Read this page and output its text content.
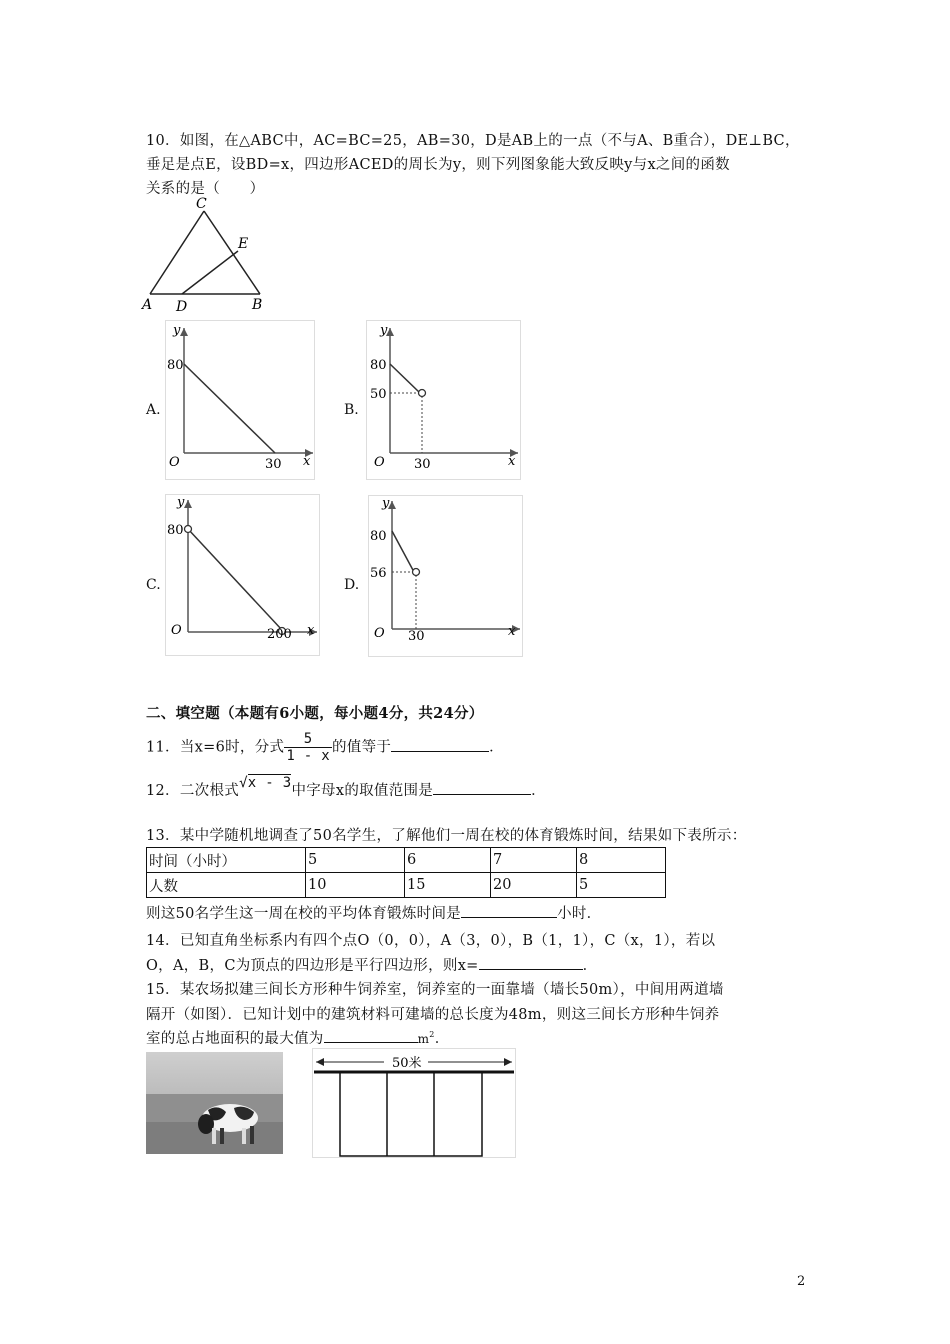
10．如图，在△ABC中，AC=BC=25，AB=30，D是AB上的一点（不与A、B重合），DE⊥BC，
垂足是点E，设BD=x，四边形ACED的周长为y，则下列图象能大致反映y与x之间的函数
关系的是（　　）
C
E
A D	B
A.
y
80
O	30 x
B.
y
80
50
O 30	x
C.
y
80
O	200 x
D.
y
80
56
O 30	x
二、填空题（本题有6小题，每小题4分，共24分）
11．当x=6时，分式 $\frac{5}{1 - x}$ 的值等于	．
12．二次根式√x - 3中字母x的取值范围是	．
13．某中学随机地调查了50名学生，了解他们一周在校的体育锻炼时间，结果如下表所示：
时间（小时）	5	6	7	8
人数	10	15	20	5
则这50名学生这一周在校的平均体育锻炼时间是	小时．
14．已知直角坐标系内有四个点O（0，0），A（3，0），B（1，1），C（x，1），若以
O，A，B，C为顶点的四边形是平行四边形，则x=	．
15．某农场拟建三间长方形种牛饲养室，饲养室的一面靠墙（墙长50m），中间用两道墙
隔开（如图）．已知计划中的建筑材料可建墙的总长度为48m，则这三间长方形种牛饲养
室的总占地面积的最大值为	$m^2$．
50米
2
